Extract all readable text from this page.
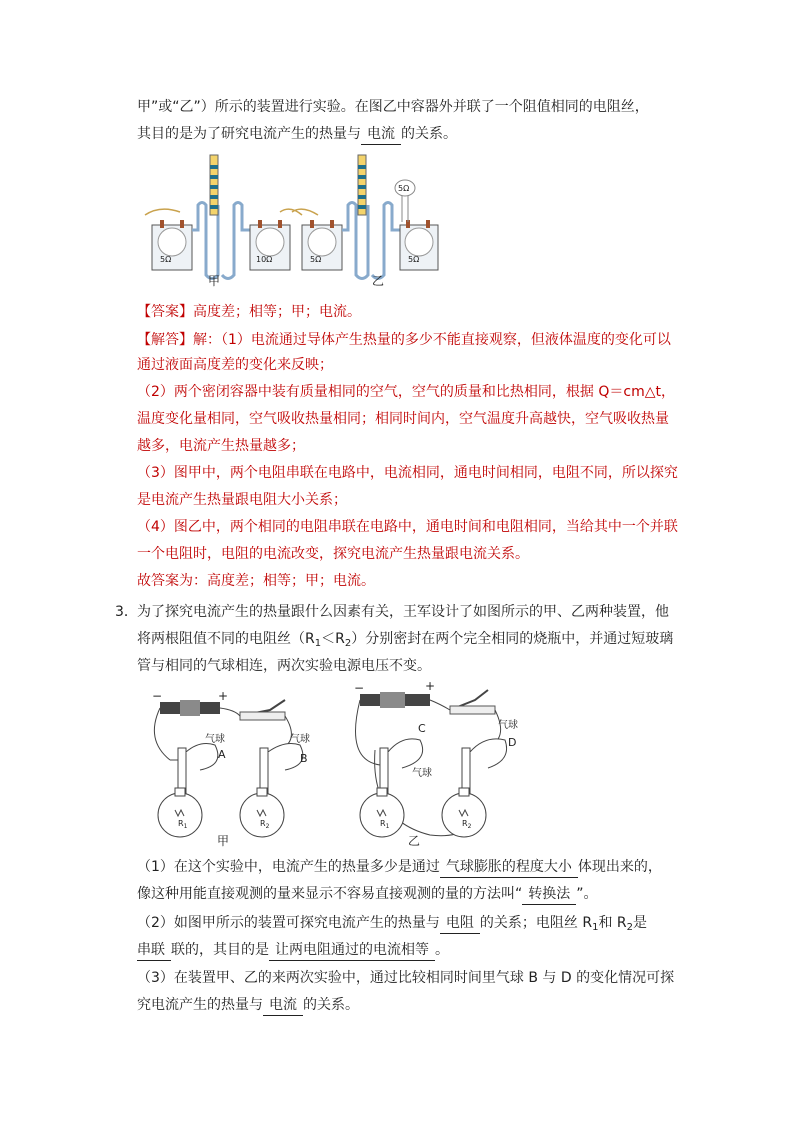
甲”或“乙”）所示的装置进行实验。在图乙中容器外并联了一个阻值相同的电阻丝，
其目的是为了研究电流产生的热量与 电流 的关系。
5Ω	10Ω
5Ω
5Ω	5Ω
甲	乙
【答案】高度差；相等；甲；电流。
【解答】解：（1）电流通过导体产生热量的多少不能直接观察，但液体温度的变化可以
通过液面高度差的变化来反映；
（2）两个密闭容器中装有质量相同的空气，空气的质量和比热相同，根据 Q＝cm△t，
温度变化量相同，空气吸收热量相同；相同时间内，空气温度升高越快，空气吸收热量
越多，电流产生热量越多；
（3）图甲中，两个电阻串联在电路中，电流相同，通电时间相同，电阻不同，所以探究
是电流产生热量跟电阻大小关系；
（4）图乙中，两个相同的电阻串联在电路中，通电时间和电阻相同，当给其中一个并联
一个电阻时，电阻的电流改变，探究电流产生热量跟电流关系。
故答案为：高度差；相等；甲；电流。
3． 为了探究电流产生的热量跟什么因素有关，王军设计了如图所示的甲、乙两种装置，他
将两根阻值不同的电阻丝$(R_1<R_2)$分别密封在两个完全相同的烧瓶中，并通过短玻璃
管与相同的气球相连，两次实验电源电压不变。
−	+
气球
A
气球
B
$R_1$	$R_2$
−	+
C
气球
气球
D
$R_1$	$R_2$
甲	乙
（1）在这个实验中，电流产生的热量多少是通过 气球膨胀的程度大小 体现出来的，
像这种用能直接观测的量来显示不容易直接观测的量的方法叫“ 转换法 ”。
（2）如图甲所示的装置可探究电流产生的热量与 电阻 的关系；电阻丝 $R_1$和 $R_2$是
串联 联的，其目的是 让两电阻通过的电流相等 。
（3）在装置甲、乙的来两次实验中，通过比较相同时间里气球 B 与 D 的变化情况可探
究电流产生的热量与 电流 的关系。
